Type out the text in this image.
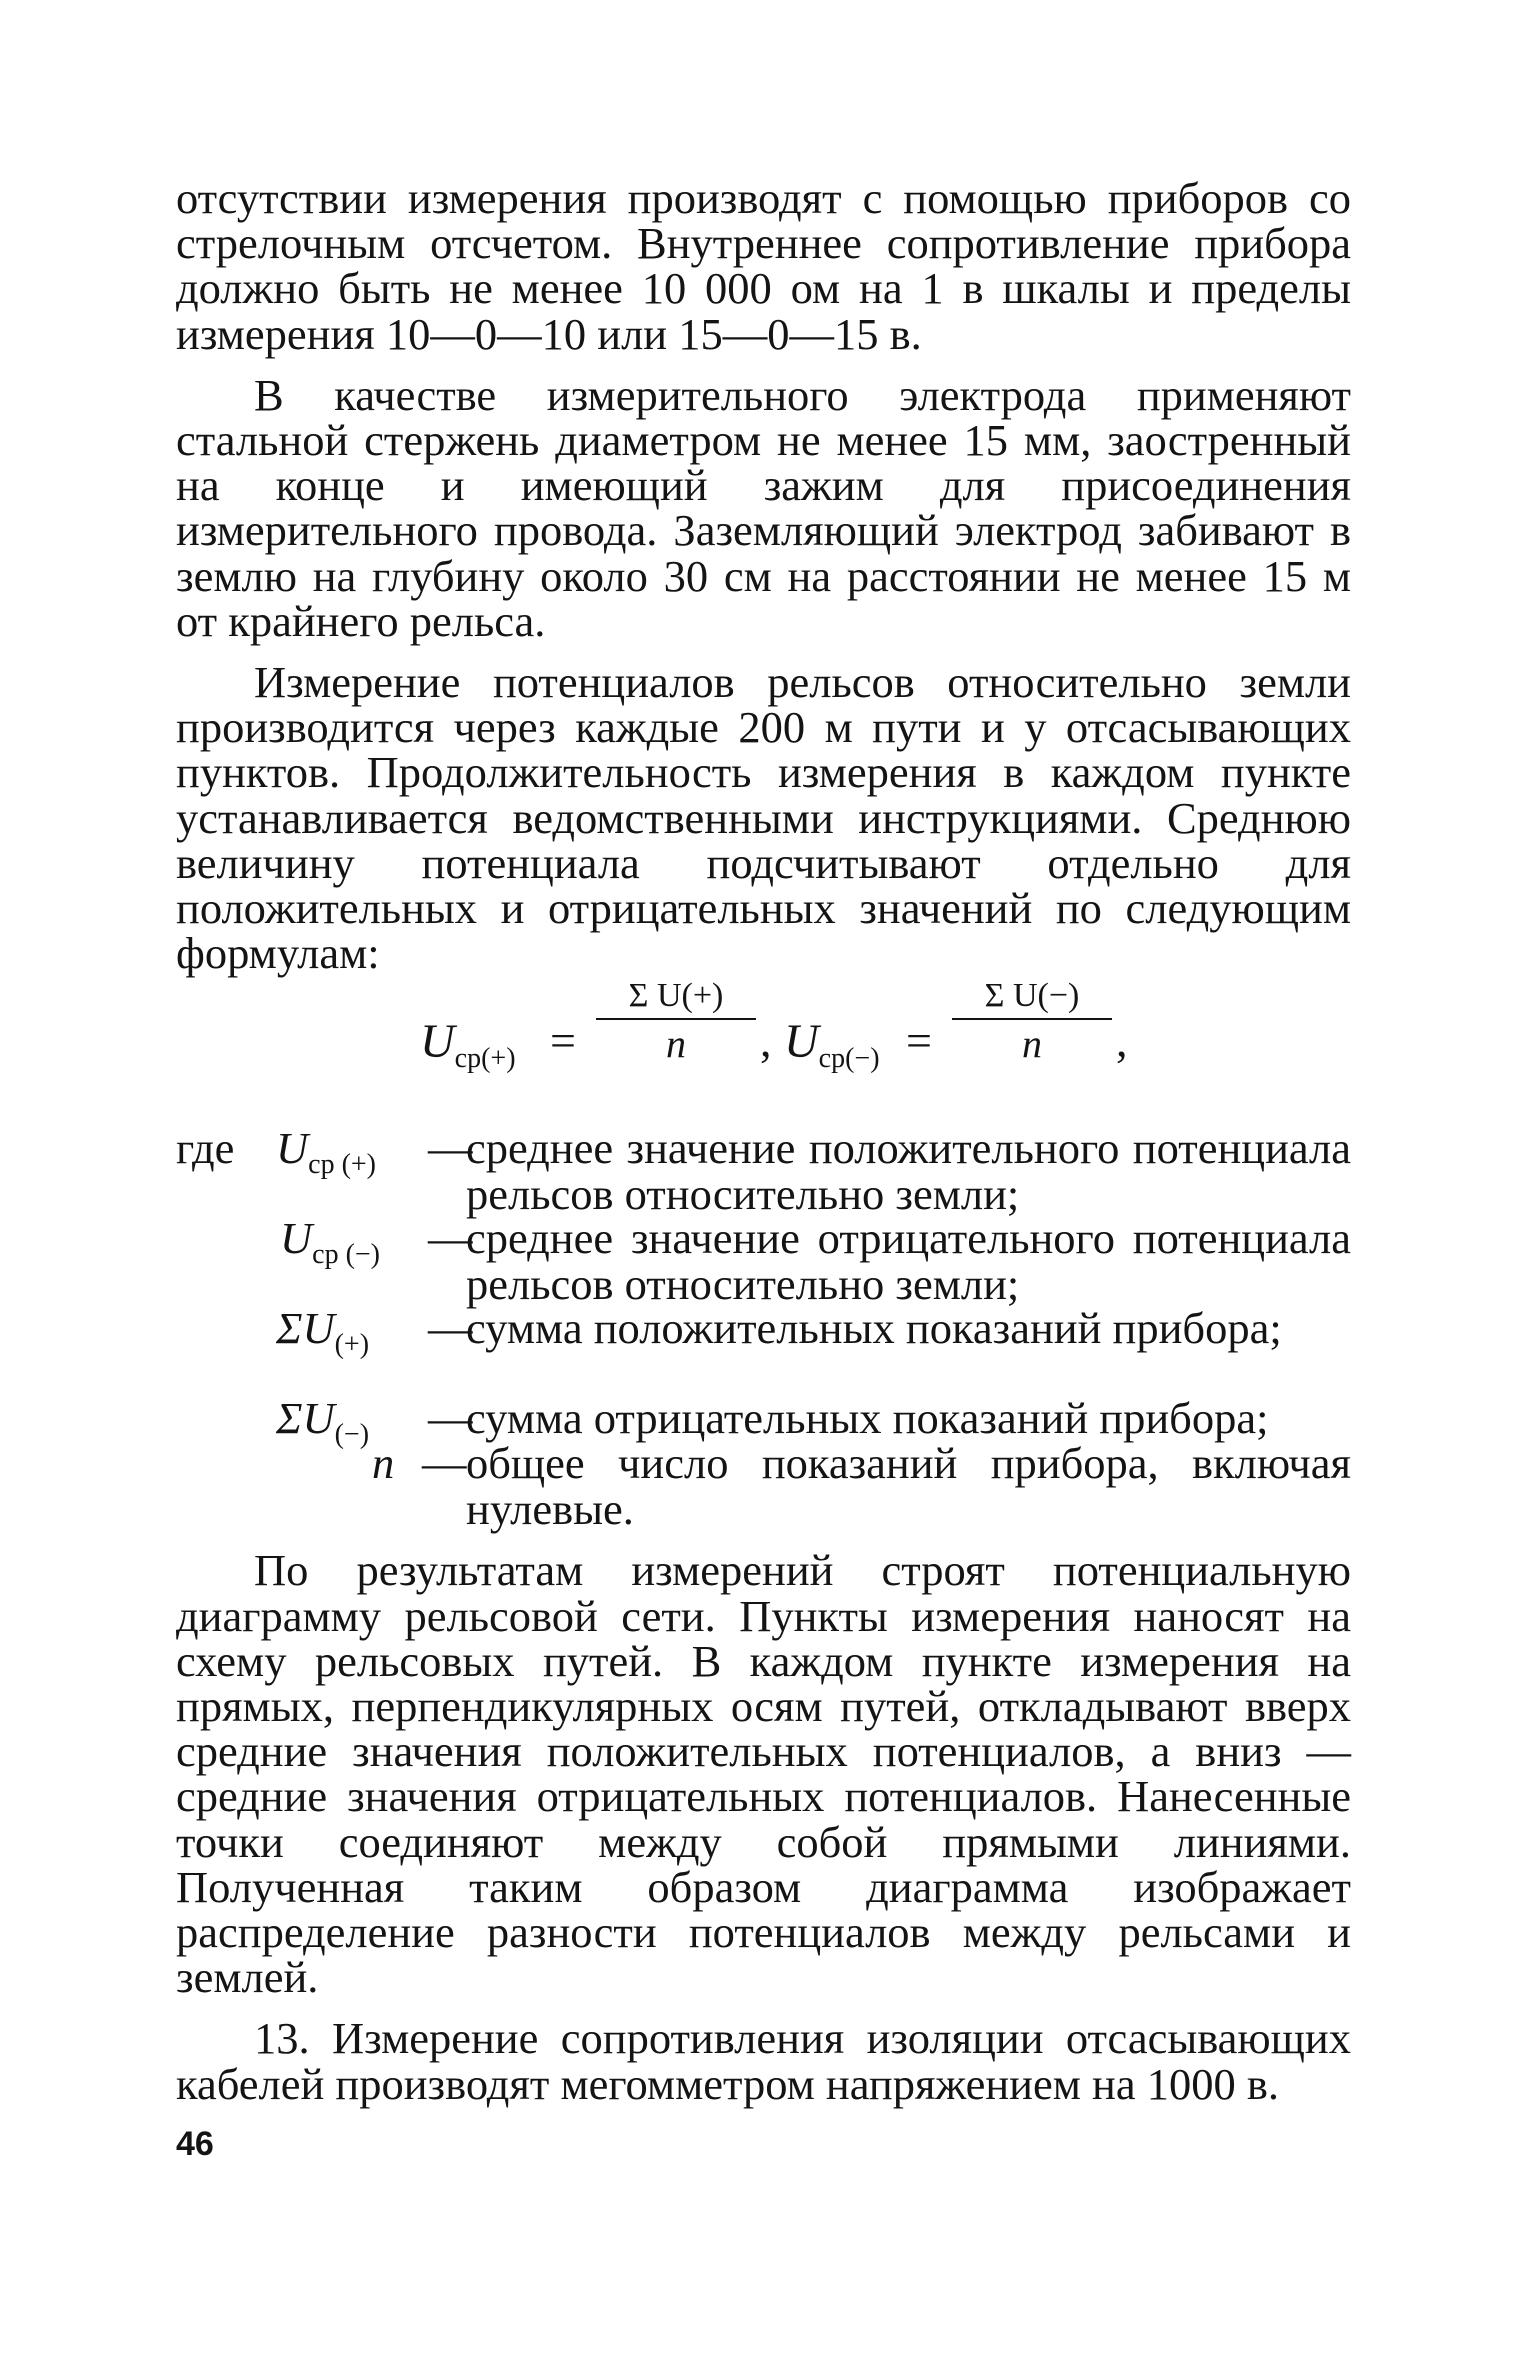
отсутствии измерения производят с помощью приборов со стрелочным отсчетом. Внутреннее сопротивление прибора должно быть не менее 10 000 ом на 1 в шкалы и пределы измерения 10—0—10 или 15—0—15 в.

В качестве измерительного электрода применяют стальной стержень диаметром не менее 15 мм, заостренный на конце и имеющий зажим для присоединения измерительного провода. Заземляющий электрод забивают в землю на глубину около 30 см на расстоянии не менее 15 м от крайнего рельса.

Измерение потенциалов рельсов относительно земли производится через каждые 200 м пути и у отсасывающих пунктов. Продолжительность измерения в каждом пункте устанавливается ведомственными инструкциями. Среднюю величину потенциала подсчитывают отдельно для положительных и отрицательных значений по следующим формулам:

$U_{ср(+)}$ =
Σ U(+)
n	, $U_{ср(-)}$ =
Σ U(−)
n	,
где $U_{ср (+)}$	—
среднее значение положительного потенциала рельсов относительно земли;
$U_{ср (-)}$	—
среднее значение отрицательного потенциала рельсов относительно земли;
$\Sigma U_{(+)}$	—
сумма положительных показаний прибора;
$\Sigma U_{(-)}$	—
сумма отрицательных показаний прибора;
n — общее число показаний прибора, включая нулевые.

По результатам измерений строят потенциальную диаграмму рельсовой сети. Пункты измерения наносят на схему рельсовых путей. В каждом пункте измерения на прямых, перпендикулярных осям путей, откладывают вверх средние значения положительных потенциалов, а вниз — средние значения отрицательных потенциалов. Нанесенные точки соединяют между собой прямыми линиями. Полученная таким образом диаграмма изображает распределение разности потенциалов между рельсами и землей.

13. Измерение сопротивления изоляции отсасывающих кабелей производят мегомметром напряжением на 1000 в.

46
